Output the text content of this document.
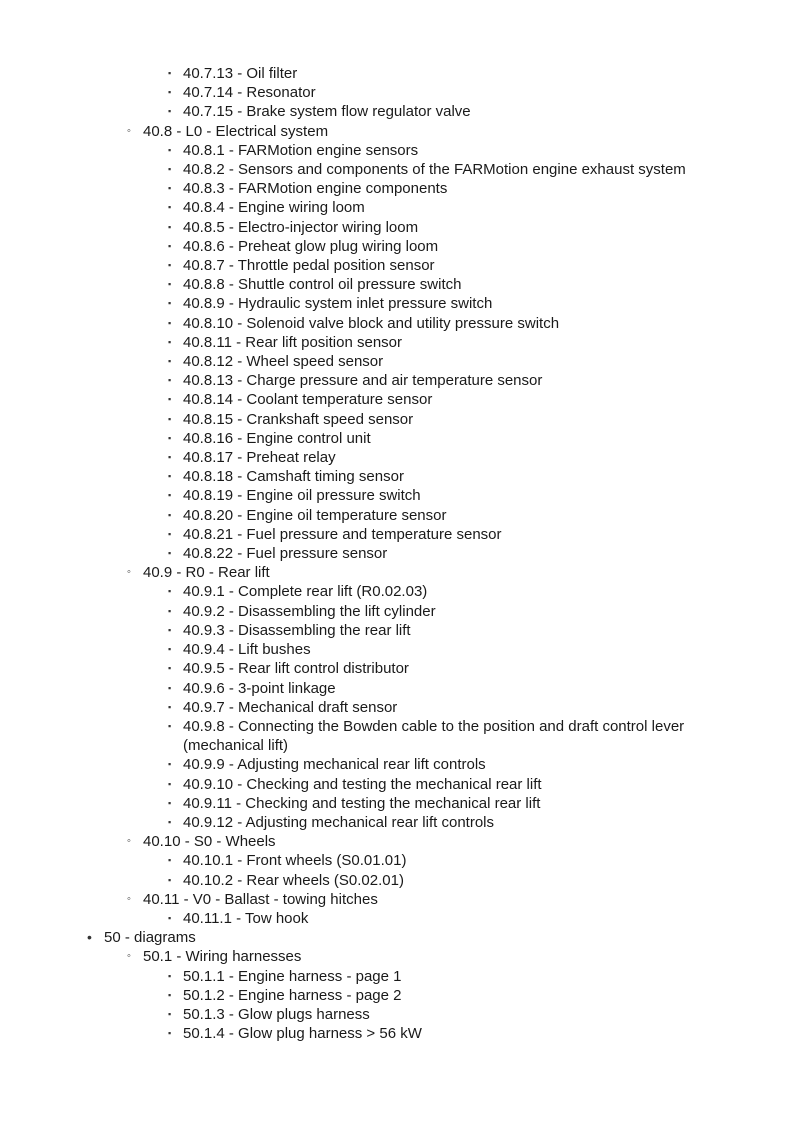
▪ 40.7.13 - Oil filter
▪ 40.7.14 - Resonator
▪ 40.7.15 - Brake system flow regulator valve
◦ 40.8 - L0 - Electrical system
▪ 40.8.1 - FARMotion engine sensors
▪ 40.8.2 - Sensors and components of the FARMotion engine exhaust system
▪ 40.8.3 - FARMotion engine components
▪ 40.8.4 - Engine wiring loom
▪ 40.8.5 - Electro-injector wiring loom
▪ 40.8.6 - Preheat glow plug wiring loom
▪ 40.8.7 - Throttle pedal position sensor
▪ 40.8.8 - Shuttle control oil pressure switch
▪ 40.8.9 - Hydraulic system inlet pressure switch
▪ 40.8.10 - Solenoid valve block and utility pressure switch
▪ 40.8.11 - Rear lift position sensor
▪ 40.8.12 - Wheel speed sensor
▪ 40.8.13 - Charge pressure and air temperature sensor
▪ 40.8.14 - Coolant temperature sensor
▪ 40.8.15 - Crankshaft speed sensor
▪ 40.8.16 - Engine control unit
▪ 40.8.17 - Preheat relay
▪ 40.8.18 - Camshaft timing sensor
▪ 40.8.19 - Engine oil pressure switch
▪ 40.8.20 - Engine oil temperature sensor
▪ 40.8.21 - Fuel pressure and temperature sensor
▪ 40.8.22 - Fuel pressure sensor
◦ 40.9 - R0 - Rear lift
▪ 40.9.1 - Complete rear lift (R0.02.03)
▪ 40.9.2 - Disassembling the lift cylinder
▪ 40.9.3 - Disassembling the rear lift
▪ 40.9.4 - Lift bushes
▪ 40.9.5 - Rear lift control distributor
▪ 40.9.6 - 3-point linkage
▪ 40.9.7 - Mechanical draft sensor
▪ 40.9.8 - Connecting the Bowden cable to the position and draft control lever (mechanical lift)
▪ 40.9.9 - Adjusting mechanical rear lift controls
▪ 40.9.10 - Checking and testing the mechanical rear lift
▪ 40.9.11 - Checking and testing the mechanical rear lift
▪ 40.9.12 - Adjusting mechanical rear lift controls
◦ 40.10 - S0 - Wheels
▪ 40.10.1 - Front wheels (S0.01.01)
▪ 40.10.2 - Rear wheels (S0.02.01)
◦ 40.11 - V0 - Ballast - towing hitches
▪ 40.11.1 - Tow hook
• 50 - diagrams
◦ 50.1 - Wiring harnesses
▪ 50.1.1 - Engine harness - page 1
▪ 50.1.2 - Engine harness - page 2
▪ 50.1.3 - Glow plugs harness
▪ 50.1.4 - Glow plug harness > 56 kW
